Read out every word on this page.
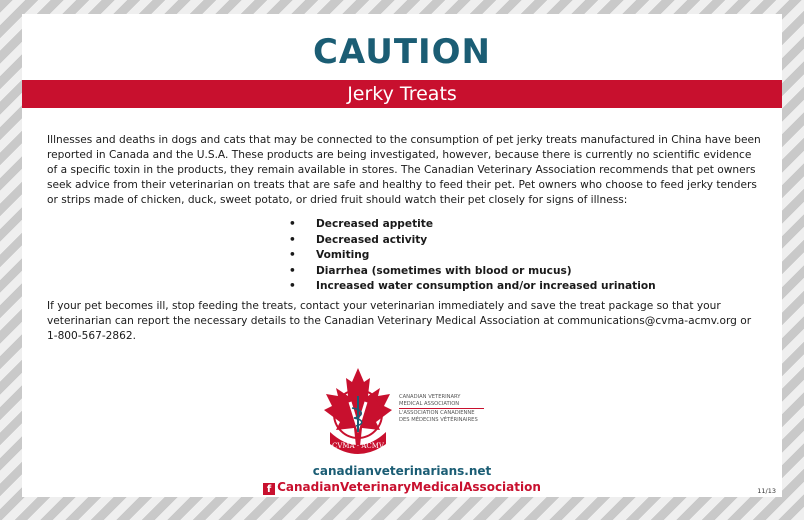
CAUTION
Jerky Treats

Illnesses and deaths in dogs and cats that may be connected to the consumption of pet jerky treats manufactured in China have been reported in Canada and the U.S.A. These products are being investigated, however, because there is currently no scientific evidence of a specific toxin in the products, they remain available in stores. The Canadian Veterinary Association recommends that pet owners seek advice from their veterinarian on treats that are safe and healthy to feed their pet. Pet owners who choose to feed jerky tenders or strips made of chicken, duck, sweet potato, or dried fruit should watch their pet closely for signs of illness:

• Decreased appetite
• Decreased activity
• Vomiting
• Diarrhea (sometimes with blood or mucus)
• Increased water consumption and/or increased urination

If your pet becomes ill, stop feeding the treats, contact your veterinarian immediately and save the treat package so that your veterinarian can report the necessary details to the Canadian Veterinary Medical Association at communications@cvma-acmv.org or 1-800-567-2862.

CVMA · ACMV
CANADIAN VETERINARY
MEDICAL ASSOCIATION
L'ASSOCIATION CANADIENNE
DES MÉDECINS VÉTÉRINAIRES
canadianveterinarians.net
f CanadianVeterinaryMedicalAssociation	11/13
